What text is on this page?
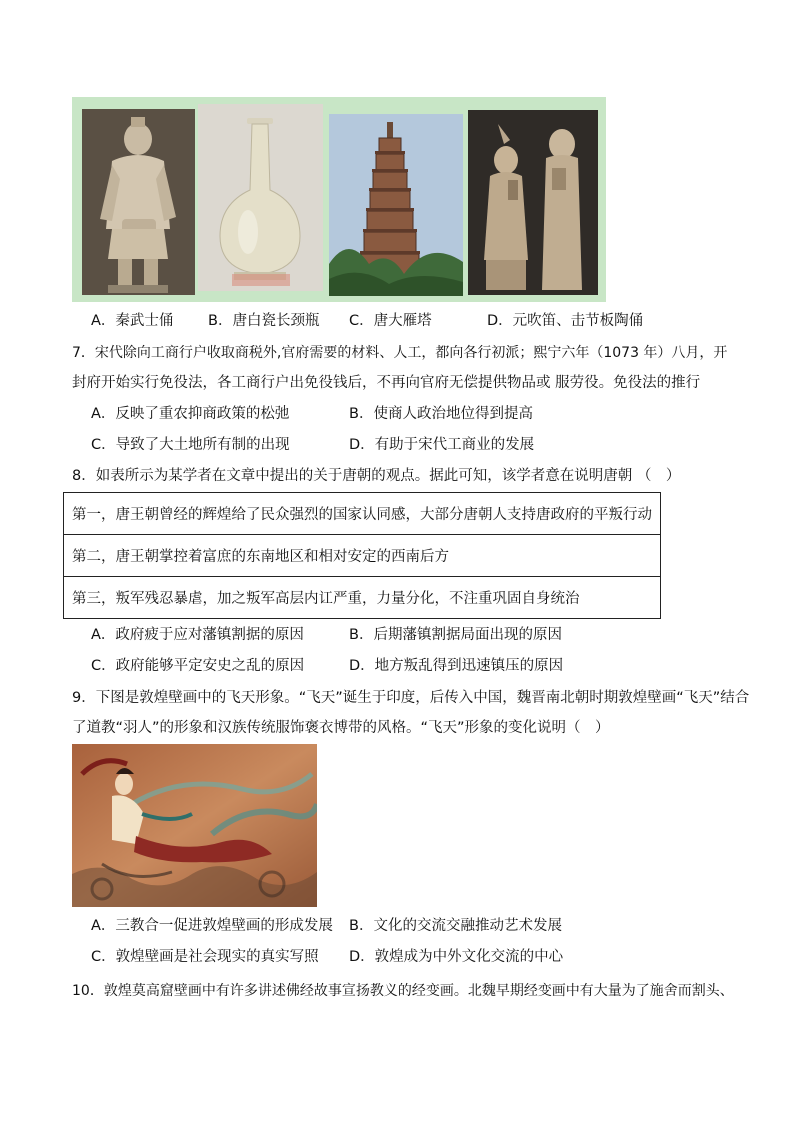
A．秦武士俑 B．唐白瓷长颈瓶 C．唐大雁塔	D．元吹笛、击节板陶俑
7．宋代除向工商行户收取商税外,官府需要的材料、人工，都向各行初派；熙宁六年（1073 年）八月，开
封府开始实行免役法，各工商行户出免役钱后，不再向官府无偿提供物品或 服劳役。免役法的推行
A．反映了重农抑商政策的松弛	B．使商人政治地位得到提高
C．导致了大土地所有制的出现	D．有助于宋代工商业的发展
8．如表所示为某学者在文章中提出的关于唐朝的观点。据此可知，该学者意在说明唐朝 （　）
第一，唐王朝曾经的辉煌给了民众强烈的国家认同感，大部分唐朝人支持唐政府的平叛行动
第二，唐王朝掌控着富庶的东南地区和相对安定的西南后方
第三，叛军残忍暴虐，加之叛军高层内讧严重，力量分化，不注重巩固自身统治
A．政府疲于应对藩镇割据的原因	B．后期藩镇割据局面出现的原因
C．政府能够平定安史之乱的原因	D．地方叛乱得到迅速镇压的原因
9．下图是敦煌壁画中的飞天形象。“飞天”诞生于印度，后传入中国，魏晋南北朝时期敦煌壁画“飞天”结合
了道教“羽人”的形象和汉族传统服饰褒衣博带的风格。“飞天”形象的变化说明（　）
A．三教合一促进敦煌壁画的形成发展 B．文化的交流交融推动艺术发展
C．敦煌壁画是社会现实的真实写照 D．敦煌成为中外文化交流的中心
10．敦煌莫高窟壁画中有许多讲述佛经故事宣扬教义的经变画。北魏早期经变画中有大量为了施舍而割头、
